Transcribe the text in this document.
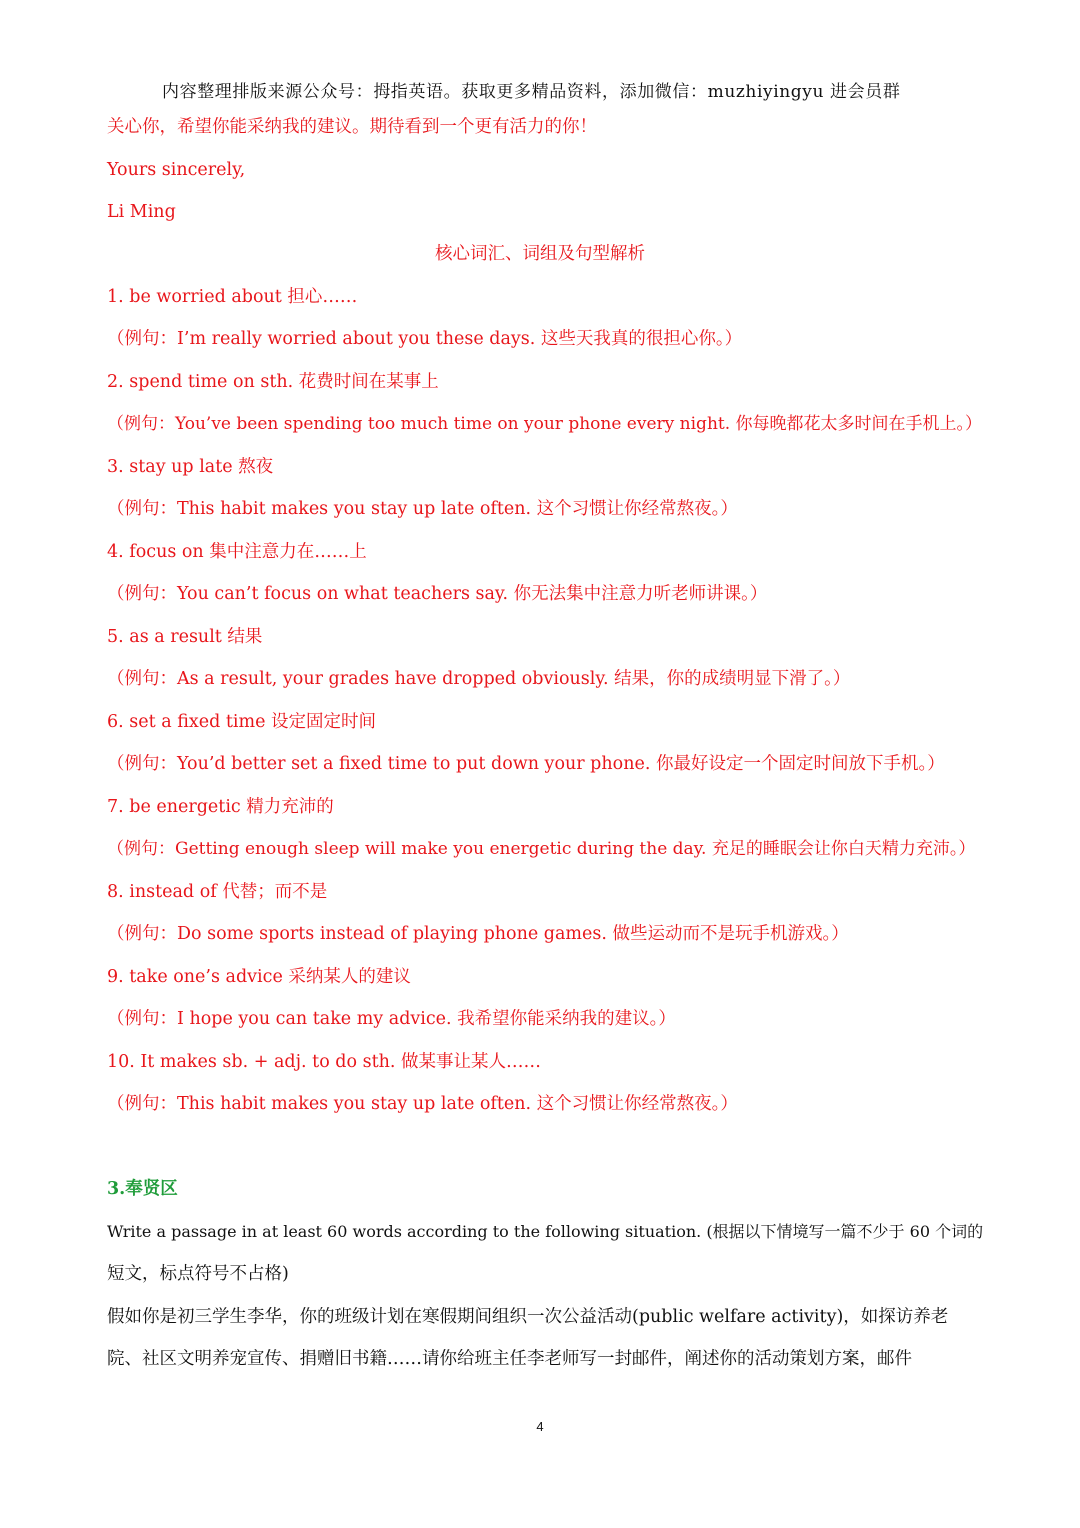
内容整理排版来源公众号：拇指英语。获取更多精品资料，添加微信：muzhiyingyu 进会员群

关心你，希望你能采纳我的建议。期待看到一个更有活力的你！

Yours sincerely,

Li Ming

核心词汇、词组及句型解析

1. be worried about 担心……

（例句：I’m really worried about you these days. 这些天我真的很担心你。）

2. spend time on sth. 花费时间在某事上

（例句：You’ve been spending too much time on your phone every night. 你每晚都花太多时间在手机上。）

3. stay up late 熬夜

（例句：This habit makes you stay up late often. 这个习惯让你经常熬夜。）

4. focus on 集中注意力在……上

（例句：You can’t focus on what teachers say. 你无法集中注意力听老师讲课。）

5. as a result 结果

（例句：As a result, your grades have dropped obviously. 结果，你的成绩明显下滑了。）

6. set a fixed time 设定固定时间

（例句：You’d better set a fixed time to put down your phone. 你最好设定一个固定时间放下手机。）

7. be energetic 精力充沛的

（例句：Getting enough sleep will make you energetic during the day. 充足的睡眠会让你白天精力充沛。）

8. instead of 代替；而不是

（例句：Do some sports instead of playing phone games. 做些运动而不是玩手机游戏。）

9. take one’s advice 采纳某人的建议

（例句：I hope you can take my advice. 我希望你能采纳我的建议。）

10. It makes sb. + adj. to do sth. 做某事让某人……

（例句：This habit makes you stay up late often. 这个习惯让你经常熬夜。）

3.奉贤区

Write a passage in at least 60 words according to the following situation. (根据以下情境写一篇不少于 60 个词的

短文，标点符号不占格)

假如你是初三学生李华，你的班级计划在寒假期间组织一次公益活动(public welfare activity)，如探访养老

院、社区文明养宠宣传、捐赠旧书籍……请你给班主任李老师写一封邮件，阐述你的活动策划方案，邮件

4
